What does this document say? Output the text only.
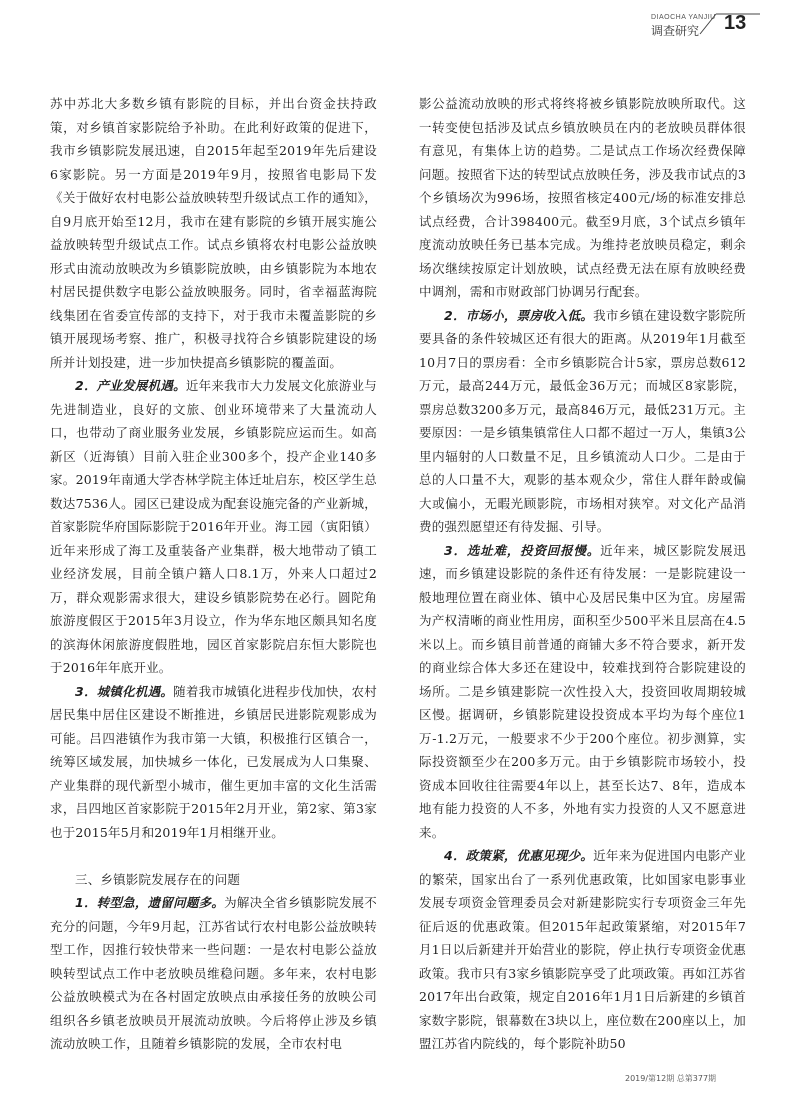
DIAOCHA YANJIU
调查研究 13

苏中苏北大多数乡镇有影院的目标，并出台资金扶持政策，对乡镇首家影院给予补助。在此利好政策的促进下，我市乡镇影院发展迅速，自2015年起至2019年先后建设6家影院。另一方面是2019年9月，按照省电影局下发《关于做好农村电影公益放映转型升级试点工作的通知》，自9月底开始至12月，我市在建有影院的乡镇开展实施公益放映转型升级试点工作。试点乡镇将农村电影公益放映形式由流动放映改为乡镇影院放映，由乡镇影院为本地农村居民提供数字电影公益放映服务。同时，省幸福蓝海院线集团在省委宣传部的支持下，对于我市未覆盖影院的乡镇开展现场考察、推广，积极寻找符合乡镇影院建设的场所并计划投建，进一步加快提高乡镇影院的覆盖面。

2．产业发展机遇。近年来我市大力发展文化旅游业与先进制造业，良好的文旅、创业环境带来了大量流动人口，也带动了商业服务业发展，乡镇影院应运而生。如高新区（近海镇）目前入驻企业300多个，投产企业140多家。2019年南通大学杏林学院主体迁址启东，校区学生总数达7536人。园区已建设成为配套设施完备的产业新城，首家影院华府国际影院于2016年开业。海工园（寅阳镇）近年来形成了海工及重装备产业集群，极大地带动了镇工业经济发展，目前全镇户籍人口8.1万，外来人口超过2万，群众观影需求很大，建设乡镇影院势在必行。圆陀角旅游度假区于2015年3月设立，作为华东地区颇具知名度的滨海休闲旅游度假胜地，园区首家影院启东恒大影院也于2016年年底开业。

3．城镇化机遇。随着我市城镇化进程步伐加快，农村居民集中居住区建设不断推进，乡镇居民进影院观影成为可能。吕四港镇作为我市第一大镇，积极推行区镇合一，统筹区域发展，加快城乡一体化，已发展成为人口集聚、产业集群的现代新型小城市，催生更加丰富的文化生活需求，吕四地区首家影院于2015年2月开业，第2家、第3家也于2015年5月和2019年1月相继开业。

三、乡镇影院发展存在的问题

1．转型急，遗留问题多。为解决全省乡镇影院发展不充分的问题，今年9月起，江苏省试行农村电影公益放映转型工作，因推行较快带来一些问题：一是农村电影公益放映转型试点工作中老放映员维稳问题。多年来，农村电影公益放映模式为在各村固定放映点由承接任务的放映公司组织各乡镇老放映员开展流动放映。今后将停止涉及乡镇流动放映工作，且随着乡镇影院的发展，全市农村电

影公益流动放映的形式将终将被乡镇影院放映所取代。这一转变使包括涉及试点乡镇放映员在内的老放映员群体很有意见，有集体上访的趋势。二是试点工作场次经费保障问题。按照省下达的转型试点放映任务，涉及我市试点的3个乡镇场次为996场，按照省核定400元/场的标准安排总试点经费，合计398400元。截至9月底，3个试点乡镇年度流动放映任务已基本完成。为维持老放映员稳定，剩余场次继续按原定计划放映，试点经费无法在原有放映经费中调剂，需和市财政部门协调另行配套。

2．市场小，票房收入低。我市乡镇在建设数字影院所要具备的条件较城区还有很大的距离。从2019年1月截至10月7日的票房看：全市乡镇影院合计5家，票房总数612万元，最高244万元，最低金36万元；而城区8家影院，票房总数3200多万元，最高846万元，最低231万元。主要原因：一是乡镇集镇常住人口都不超过一万人，集镇3公里内辐射的人口数量不足，且乡镇流动人口少。二是由于总的人口量不大，观影的基本观众少，常住人群年龄或偏大或偏小，无暇光顾影院，市场相对狭窄。对文化产品消费的强烈愿望还有待发掘、引导。

3．选址难，投资回报慢。近年来，城区影院发展迅速，而乡镇建设影院的条件还有待发展：一是影院建设一般地理位置在商业体、镇中心及居民集中区为宜。房屋需为产权清晰的商业性用房，面积至少500平米且层高在4.5米以上。而乡镇目前普通的商铺大多不符合要求，新开发的商业综合体大多还在建设中，较难找到符合影院建设的场所。二是乡镇建影院一次性投入大，投资回收周期较城区慢。据调研，乡镇影院建设投资成本平均为每个座位1万-1.2万元，一般要求不少于200个座位。初步测算，实际投资额至少在200多万元。由于乡镇影院市场较小，投资成本回收往往需要4年以上，甚至长达7、8年，造成本地有能力投资的人不多，外地有实力投资的人又不愿意进来。

4．政策紧，优惠见现少。近年来为促进国内电影产业的繁荣，国家出台了一系列优惠政策，比如国家电影事业发展专项资金管理委员会对新建影院实行专项资金三年先征后返的优惠政策。但2015年起政策紧缩，对2015年7月1日以后新建并开始营业的影院，停止执行专项资金优惠政策。我市只有3家乡镇影院享受了此项政策。再如江苏省2017年出台政策，规定自2016年1月1日后新建的乡镇首家数字影院，银幕数在3块以上，座位数在200座以上，加盟江苏省内院线的，每个影院补助50

2019/第12期 总第377期
